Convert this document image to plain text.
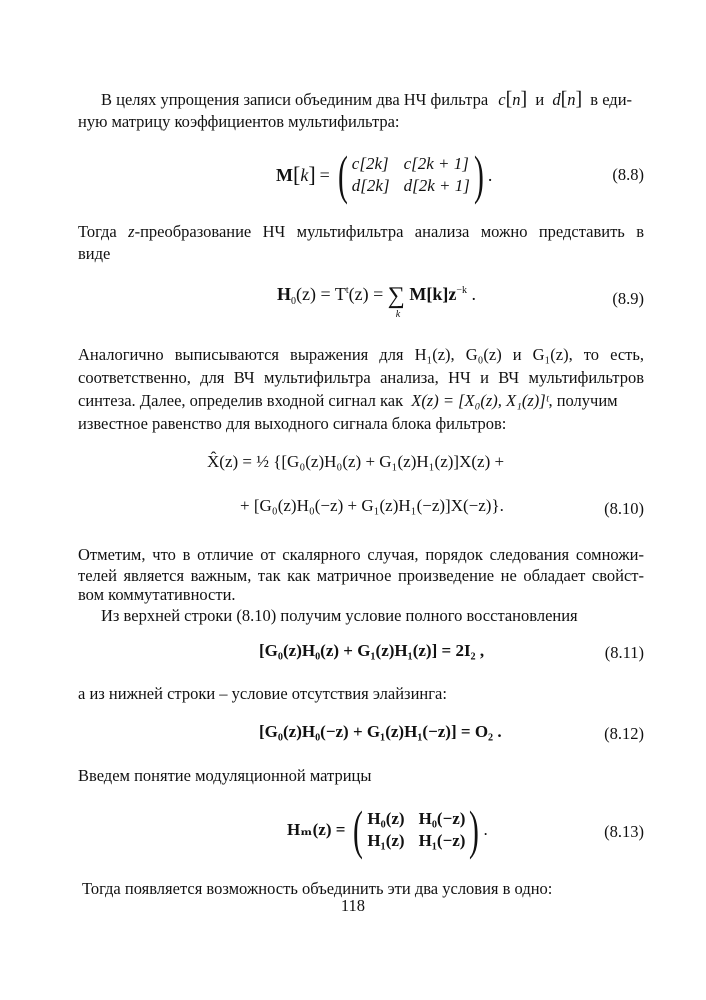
В целях упрощения записи объединим два НЧ фильтра c[n] и d[n] в еди-
ную матрицу коэффициентов мультифильтра:
M [ k ] = ( c[2k] c[2k + 1]
d[2k] d[2k + 1] ) .	(8.8)
Тогда z-преобразование НЧ мультифильтра анализа можно представить в
виде
$H_0(z) = T^t(z)$ = ∑
k
$M[k]z^{-k}$ .	(8.9)
Аналогично выписываются выражения для H₁(z), G₀(z) и G₁(z), то есть,
соответственно, для ВЧ мультифильтра анализа, НЧ и ВЧ мультифильтров
синтеза. Далее, определив входной сигнал как X(z) = [X₀(z), X₁(z)]ᵗ, получим
известное равенство для выходного сигнала блока фильтров:
X̂(z) = ½ {[G₀(z)H₀(z) + G₁(z)H₁(z)]X(z) +
+ [G₀(z)H₀(−z) + G₁(z)H₁(−z)]X(−z)}.	(8.10)
Отметим, что в отличие от скалярного случая, порядок следования сомножи-
телей является важным, так как матричное произведение не обладает свойст-
вом коммутативности.
Из верхней строки (8.10) получим условие полного восстановления
[G₀(z)H₀(z) + G₁(z)H₁(z)] = 2I₂ ,	(8.11)
а из нижней строки – условие отсутствия элайзинга:
[G₀(z)H₀(−z) + G₁(z)H₁(−z)] = O₂ .	(8.12)
Введем понятие модуляционной матрицы
Hₘ(z) = ( H₀(z) H₀(−z)
H₁(z) H₁(−z) ) .	(8.13)
Тогда появляется возможность объединить эти два условия в одно:
118
